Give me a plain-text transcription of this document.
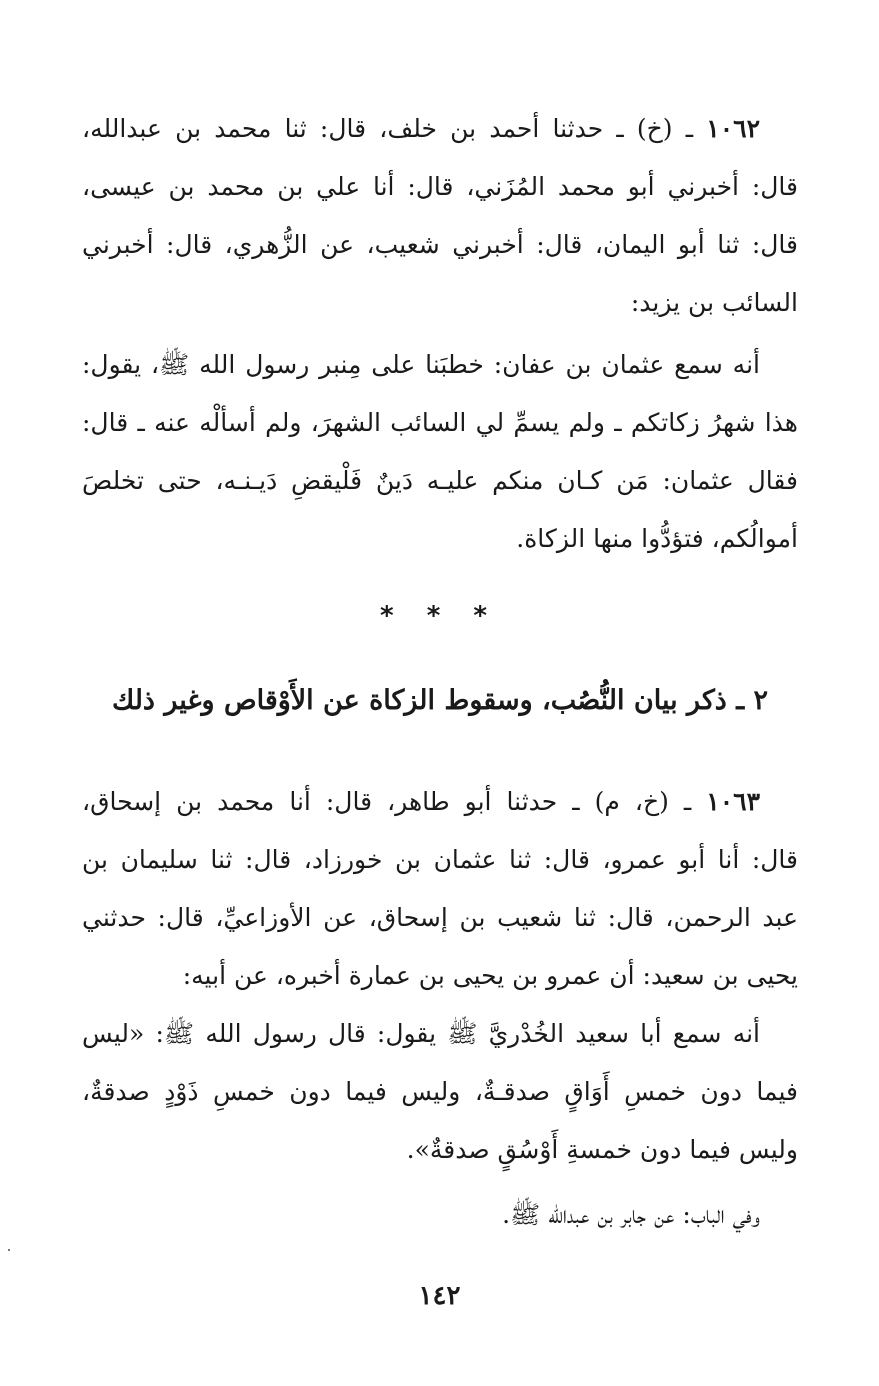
١٠٦٢ ـ (خ) ـ حدثنا أحمد بن خلف، قال: ثنا محمد بن عبدالله،
قال: أخبرني أبو محمد المُزَني، قال: أنا علي بن محمد بن عيسى،
قال: ثنا أبو اليمان، قال: أخبرني شعيب، عن الزُّهري، قال: أخبرني
السائب بن يزيد:
أنه سمع عثمان بن عفان: خطبَنا على مِنبر رسول الله ﷺ، يقول:
هذا شهرُ زكاتكم ـ ولم يسمِّ لي السائب الشهرَ، ولم أسألْه عنه ـ قال:
فقال عثمان: مَن كـان منكم عليـه دَينٌ فَلْيقضِ دَيـنـه، حتى تخلصَ
أموالُكم، فتؤدُّوا منها الزكاة.
* * *
٢ ـ ذكر بيان النُّصُب، وسقوط الزكاة عن الأَوْقاص وغير ذلك
١٠٦٣ ـ (خ، م) ـ حدثنا أبو طاهر، قال: أنا محمد بن إسحاق،
قال: أنا أبو عمرو، قال: ثنا عثمان بن خورزاد، قال: ثنا سليمان بن
عبد الرحمن، قال: ثنا شعيب بن إسحاق، عن الأوزاعيِّ، قال: حدثني
يحيى بن سعيد: أن عمرو بن يحيى بن عمارة أخبره، عن أبيه:
أنه سمع أبا سعيد الخُدْريَّ ﷺ يقول: قال رسول الله ﷺ: «ليس
فيما دون خمسِ أَوَاقٍ صدقـةٌ، وليس فيما دون خمسِ ذَوْدٍ صدقةٌ،
وليس فيما دون خمسةِ أَوْسُقٍ صدقةٌ».
وفي الباب: عن جابر بن عبدالله ﷺ.
١٤٢
